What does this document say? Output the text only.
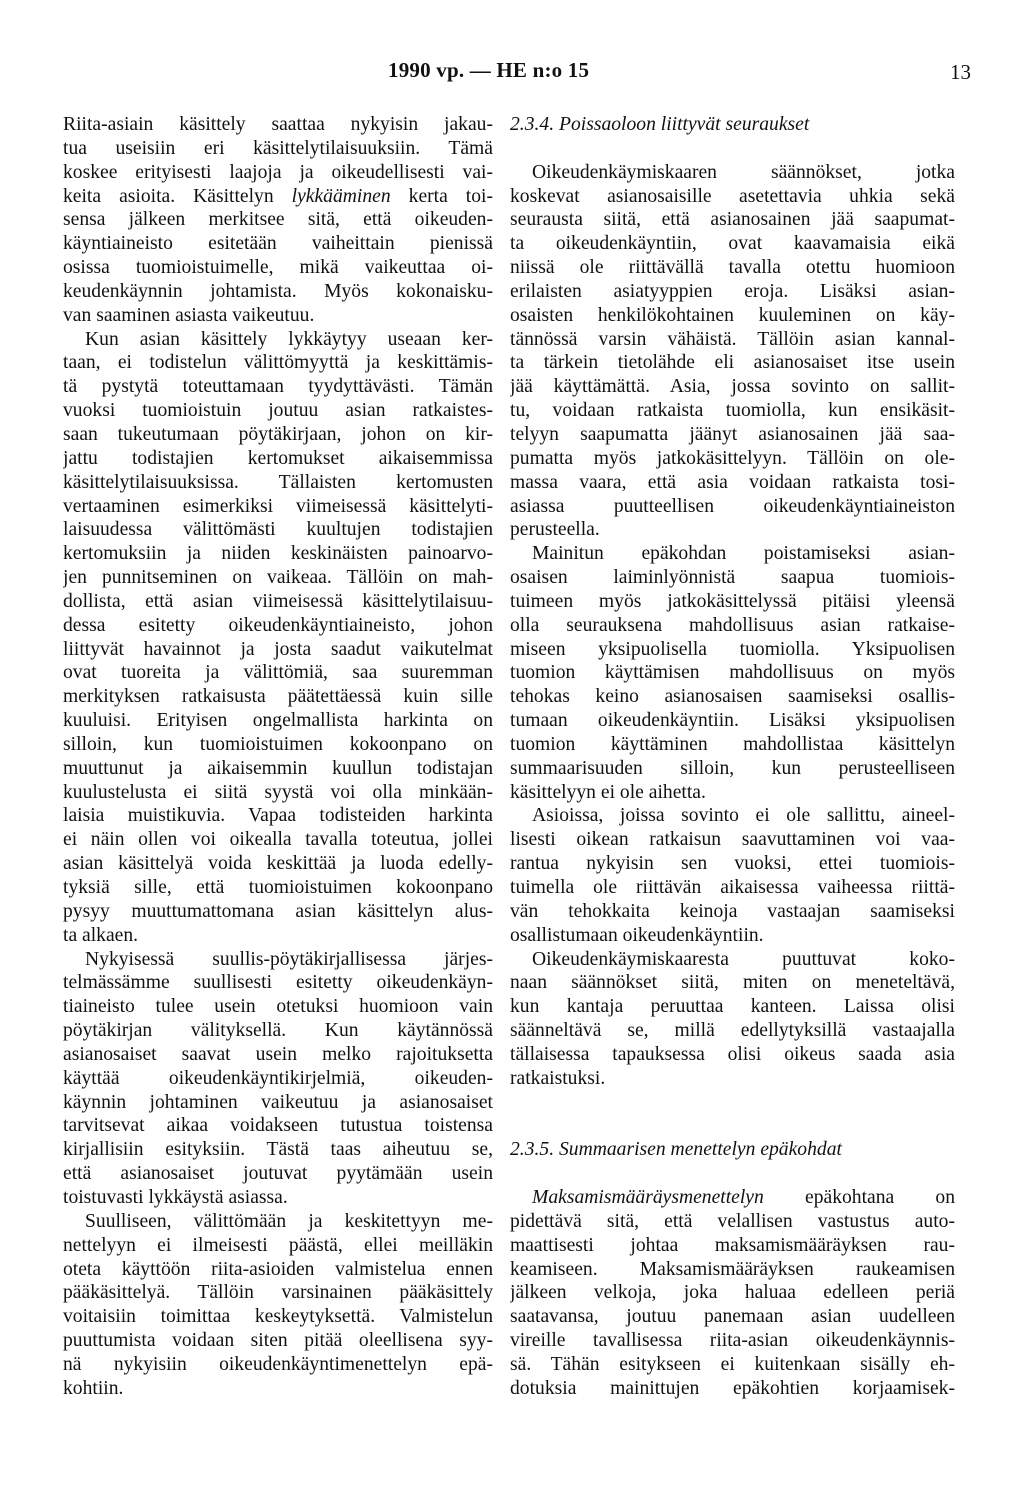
1990 vp. — HE n:o 15	13
Riita-asiain käsittely saattaa nykyisin jakau-
tua useisiin eri käsittelytilaisuuksiin. Tämä
koskee erityisesti laajoja ja oikeudellisesti vai-
keita asioita. Käsittelyn lykkääminen kerta toi-
sensa jälkeen merkitsee sitä, että oikeuden-
käyntiaineisto esitetään vaiheittain pienissä
osissa tuomioistuimelle, mikä vaikeuttaa oi-
keudenkäynnin johtamista. Myös kokonaisku-
van saaminen asiasta vaikeutuu.
Kun asian käsittely lykkäytyy useaan ker-
taan, ei todistelun välittömyyttä ja keskittämis-
tä pystytä toteuttamaan tyydyttävästi. Tämän
vuoksi tuomioistuin joutuu asian ratkaistes-
saan tukeutumaan pöytäkirjaan, johon on kir-
jattu todistajien kertomukset aikaisemmissa
käsittelytilaisuuksissa. Tällaisten kertomusten
vertaaminen esimerkiksi viimeisessä käsittelyti-
laisuudessa välittömästi kuultujen todistajien
kertomuksiin ja niiden keskinäisten painoarvo-
jen punnitseminen on vaikeaa. Tällöin on mah-
dollista, että asian viimeisessä käsittelytilaisuu-
dessa esitetty oikeudenkäyntiaineisto, johon
liittyvät havainnot ja josta saadut vaikutelmat
ovat tuoreita ja välittömiä, saa suuremman
merkityksen ratkaisusta päätettäessä kuin sille
kuuluisi. Erityisen ongelmallista harkinta on
silloin, kun tuomioistuimen kokoonpano on
muuttunut ja aikaisemmin kuullun todistajan
kuulustelusta ei siitä syystä voi olla minkään-
laisia muistikuvia. Vapaa todisteiden harkinta
ei näin ollen voi oikealla tavalla toteutua, jollei
asian käsittelyä voida keskittää ja luoda edelly-
tyksiä sille, että tuomioistuimen kokoonpano
pysyy muuttumattomana asian käsittelyn alus-
ta alkaen.
Nykyisessä suullis-pöytäkirjallisessa järjes-
telmässämme suullisesti esitetty oikeudenkäyn-
tiaineisto tulee usein otetuksi huomioon vain
pöytäkirjan välityksellä. Kun käytännössä
asianosaiset saavat usein melko rajoituksetta
käyttää oikeudenkäyntikirjelmiä, oikeuden-
käynnin johtaminen vaikeutuu ja asianosaiset
tarvitsevat aikaa voidakseen tutustua toistensa
kirjallisiin esityksiin. Tästä taas aiheutuu se,
että asianosaiset joutuvat pyytämään usein
toistuvasti lykkäystä asiassa.
Suulliseen, välittömään ja keskitettyyn me-
nettelyyn ei ilmeisesti päästä, ellei meilläkin
oteta käyttöön riita-asioiden valmistelua ennen
pääkäsittelyä. Tällöin varsinainen pääkäsittely
voitaisiin toimittaa keskeytyksettä. Valmistelun
puuttumista voidaan siten pitää oleellisena syy-
nä nykyisiin oikeudenkäyntimenettelyn epä-
kohtiin.
2.3.4. Poissaoloon liittyvät seuraukset
Oikeudenkäymiskaaren säännökset, jotka
koskevat asianosaisille asetettavia uhkia sekä
seurausta siitä, että asianosainen jää saapumat-
ta oikeudenkäyntiin, ovat kaavamaisia eikä
niissä ole riittävällä tavalla otettu huomioon
erilaisten asiatyyppien eroja. Lisäksi asian-
osaisten henkilökohtainen kuuleminen on käy-
tännössä varsin vähäistä. Tällöin asian kannal-
ta tärkein tietolähde eli asianosaiset itse usein
jää käyttämättä. Asia, jossa sovinto on sallit-
tu, voidaan ratkaista tuomiolla, kun ensikäsit-
telyyn saapumatta jäänyt asianosainen jää saa-
pumatta myös jatkokäsittelyyn. Tällöin on ole-
massa vaara, että asia voidaan ratkaista tosi-
asiassa puutteellisen oikeudenkäyntiaineiston
perusteella.
Mainitun epäkohdan poistamiseksi asian-
osaisen laiminlyönnistä saapua tuomiois-
tuimeen myös jatkokäsittelyssä pitäisi yleensä
olla seurauksena mahdollisuus asian ratkaise-
miseen yksipuolisella tuomiolla. Yksipuolisen
tuomion käyttämisen mahdollisuus on myös
tehokas keino asianosaisen saamiseksi osallis-
tumaan oikeudenkäyntiin. Lisäksi yksipuolisen
tuomion käyttäminen mahdollistaa käsittelyn
summaarisuuden silloin, kun perusteelliseen
käsittelyyn ei ole aihetta.
Asioissa, joissa sovinto ei ole sallittu, aineel-
lisesti oikean ratkaisun saavuttaminen voi vaa-
rantua nykyisin sen vuoksi, ettei tuomiois-
tuimella ole riittävän aikaisessa vaiheessa riittä-
vän tehokkaita keinoja vastaajan saamiseksi
osallistumaan oikeudenkäyntiin.
Oikeudenkäymiskaaresta puuttuvat koko-
naan säännökset siitä, miten on meneteltävä,
kun kantaja peruuttaa kanteen. Laissa olisi
säänneltävä se, millä edellytyksillä vastaajalla
tällaisessa tapauksessa olisi oikeus saada asia
ratkaistuksi.
2.3.5. Summaarisen menettelyn epäkohdat
Maksamismääräysmenettelyn epäkohtana on
pidettävä sitä, että velallisen vastustus auto-
maattisesti johtaa maksamismääräyksen rau-
keamiseen. Maksamismääräyksen raukeamisen
jälkeen velkoja, joka haluaa edelleen periä
saatavansa, joutuu panemaan asian uudelleen
vireille tavallisessa riita-asian oikeudenkäynnis-
sä. Tähän esitykseen ei kuitenkaan sisälly eh-
dotuksia mainittujen epäkohtien korjaamisek-
